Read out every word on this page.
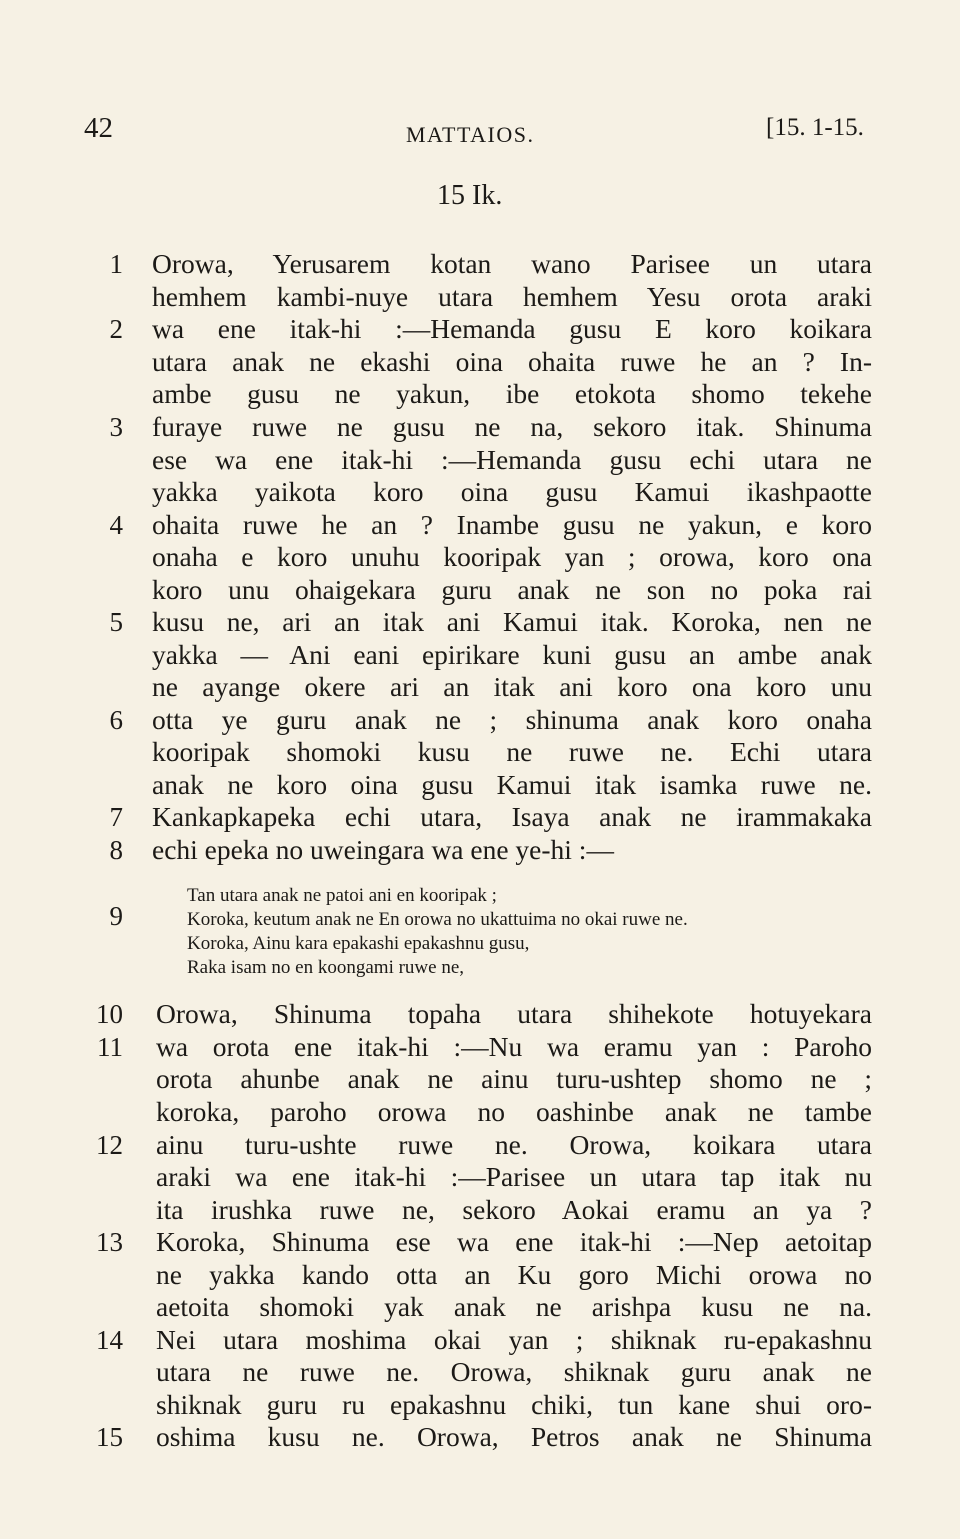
42	MATTAIOS.	[15. 1-15.
15 Ik.
Orowa, Yerusarem kotan wano Parisee un utara
hemhem kambi-nuye utara hemhem Yesu orota araki
wa ene itak-hi :—Hemanda gusu E koro koikara
utara anak ne ekashi oina ohaita ruwe he an ? In-
ambe gusu ne yakun, ibe etokota shomo tekehe
furaye ruwe ne gusu ne na, sekoro itak. Shinuma
ese wa ene itak-hi :—Hemanda gusu echi utara ne
yakka yaikota koro oina gusu Kamui ikashpaotte
ohaita ruwe he an ? Inambe gusu ne yakun, e koro
onaha e koro unuhu kooripak yan ; orowa, koro ona
koro unu ohaigekara guru anak ne son no poka rai
kusu ne, ari an itak ani Kamui itak. Koroka, nen ne
yakka — Ani eani epirikare kuni gusu an ambe anak
ne ayange okere ari an itak ani koro ona koro unu
otta ye guru anak ne ; shinuma anak koro onaha
kooripak shomoki kusu ne ruwe ne. Echi utara
anak ne koro oina gusu Kamui itak isamka ruwe ne.
Kankapkapeka echi utara, Isaya anak ne irammakaka
echi epeka no uweingara wa ene ye-hi :—
1
2
3
4
5
6
7
8
Tan utara anak ne patoi ani en kooripak ;
Koroka, keutum anak ne En orowa no ukattuima no okai ruwe ne.
Koroka, Ainu kara epakashi epakashnu gusu,
Raka isam no en koongami ruwe ne,
9
Orowa, Shinuma topaha utara shihekote hotuyekara
wa orota ene itak-hi :—Nu wa eramu yan : Paroho
orota ahunbe anak ne ainu turu-ushtep shomo ne ;
koroka, paroho orowa no oashinbe anak ne tambe
ainu turu-ushte ruwe ne. Orowa, koikara utara
araki wa ene itak-hi :—Parisee un utara tap itak nu
ita irushka ruwe ne, sekoro Aokai eramu an ya ?
Koroka, Shinuma ese wa ene itak-hi :—Nep aetoitap
ne yakka kando otta an Ku goro Michi orowa no
aetoita shomoki yak anak ne arishpa kusu ne na.
Nei utara moshima okai yan ; shiknak ru-epakashnu
utara ne ruwe ne. Orowa, shiknak guru anak ne
shiknak guru ru epakashnu chiki, tun kane shui oro-
oshima kusu ne. Orowa, Petros anak ne Shinuma
10
11
12
13
14
15
